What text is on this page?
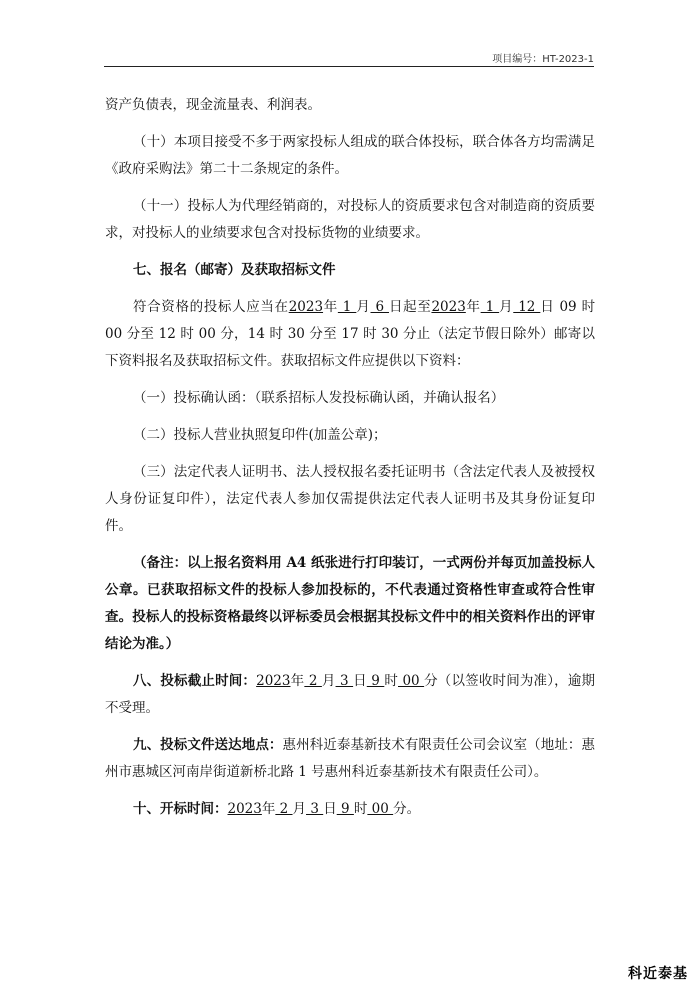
项目编号：HT-2023-1

资产负债表，现金流量表、利润表。

（十）本项目接受不多于两家投标人组成的联合体投标，联合体各方均需满足《政府采购法》第二十二条规定的条件。

（十一）投标人为代理经销商的，对投标人的资质要求包含对制造商的资质要求，对投标人的业绩要求包含对投标货物的业绩要求。

七、报名（邮寄）及获取招标文件

符合资格的投标人应当在2023年 1 月 6 日起至2023年 1 月 12 日 09 时 00 分至 12 时 00 分，14 时 30 分至 17 时 30 分止（法定节假日除外）邮寄以下资料报名及获取招标文件。获取招标文件应提供以下资料：

（一）投标确认函：（联系招标人发投标确认函，并确认报名）

（二）投标人营业执照复印件(加盖公章)；

（三）法定代表人证明书、法人授权报名委托证明书（含法定代表人及被授权人身份证复印件），法定代表人参加仅需提供法定代表人证明书及其身份证复印件。

（备注：以上报名资料用 A4 纸张进行打印装订，一式两份并每页加盖投标人公章。已获取招标文件的投标人参加投标的，不代表通过资格性审查或符合性审查。投标人的投标资格最终以评标委员会根据其投标文件中的相关资料作出的评审结论为准。）

八、投标截止时间：2023年 2 月 3 日 9 时 00 分（以签收时间为准），逾期不受理。

九、投标文件送达地点：惠州科近泰基新技术有限责任公司会议室（地址：惠州市惠城区河南岸街道新桥北路 1 号惠州科近泰基新技术有限责任公司）。

十、开标时间：2023年 2 月 3 日 9 时 00 分。

科近泰基
